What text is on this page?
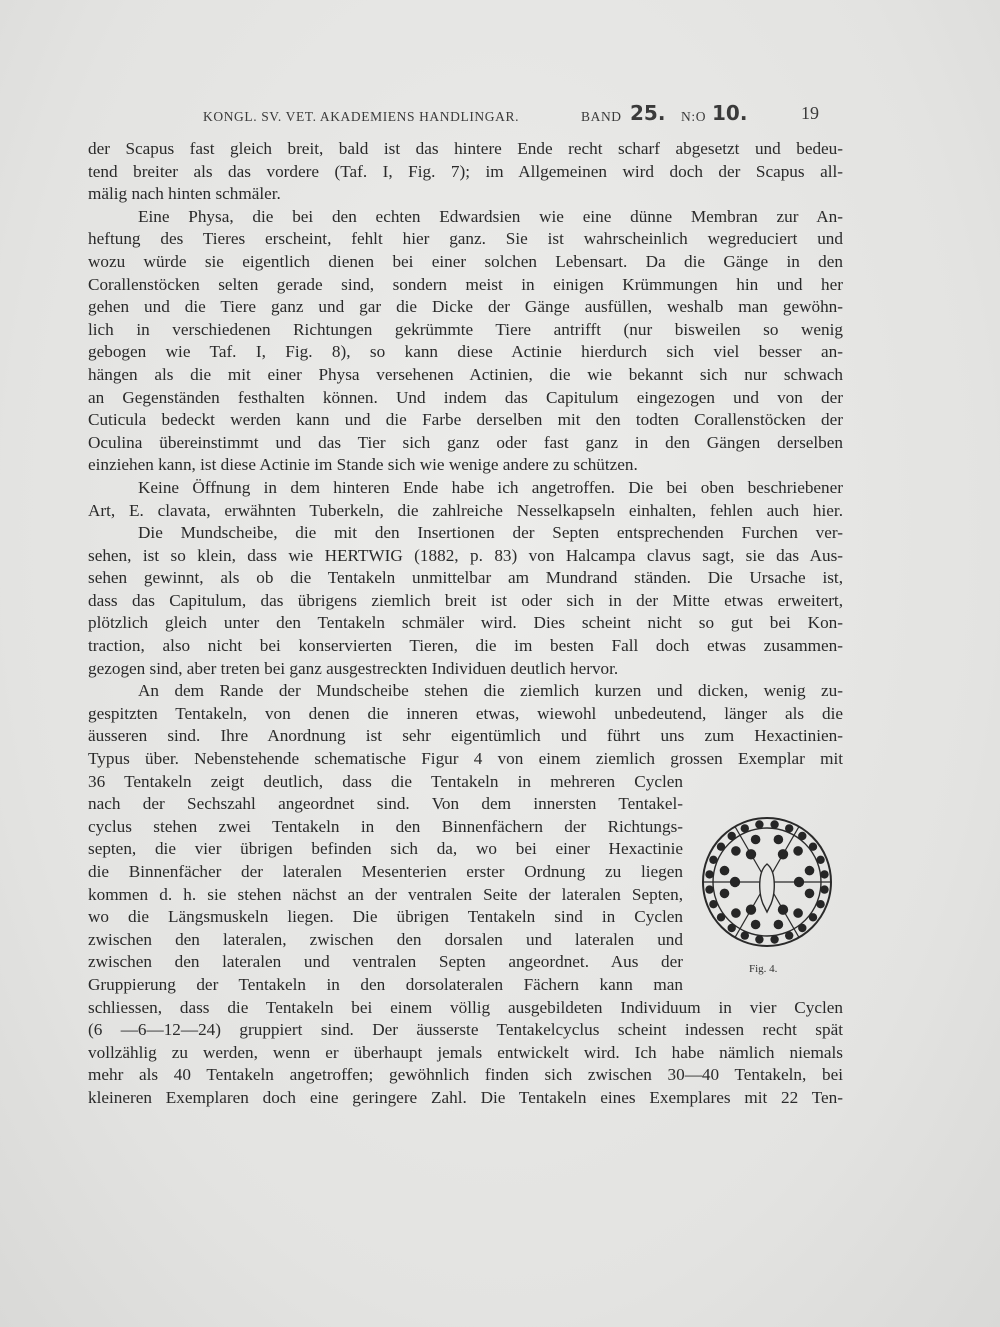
KONGL. SV. VET. AKADEMIENS HANDLINGAR.	BAND 25. N:O 10.	19
der Scapus fast gleich breit, bald ist das hintere Ende recht scharf abgesetzt und bedeu-
tend breiter als das vordere (Taf. I, Fig. 7); im Allgemeinen wird doch der Scapus all-
mälig nach hinten schmäler.
Eine Physa, die bei den echten Edwardsien wie eine dünne Membran zur An-
heftung des Tieres erscheint, fehlt hier ganz. Sie ist wahrscheinlich wegreduciert und
wozu würde sie eigentlich dienen bei einer solchen Lebensart. Da die Gänge in den
Corallenstöcken selten gerade sind, sondern meist in einigen Krümmungen hin und her
gehen und die Tiere ganz und gar die Dicke der Gänge ausfüllen, weshalb man gewöhn-
lich in verschiedenen Richtungen gekrümmte Tiere antrifft (nur bisweilen so wenig
gebogen wie Taf. I, Fig. 8), so kann diese Actinie hierdurch sich viel besser an-
hängen als die mit einer Physa versehenen Actinien, die wie bekannt sich nur schwach
an Gegenständen festhalten können. Und indem das Capitulum eingezogen und von der
Cuticula bedeckt werden kann und die Farbe derselben mit den todten Corallenstöcken der
Oculina übereinstimmt und das Tier sich ganz oder fast ganz in den Gängen derselben
einziehen kann, ist diese Actinie im Stande sich wie wenige andere zu schützen.
Keine Öffnung in dem hinteren Ende habe ich angetroffen. Die bei oben beschriebener
Art, E. clavata, erwähnten Tuberkeln, die zahlreiche Nesselkapseln einhalten, fehlen auch hier.
Die Mundscheibe, die mit den Insertionen der Septen entsprechenden Furchen ver-
sehen, ist so klein, dass wie HERTWIG (1882, p. 83) von Halcampa clavus sagt, sie das Aus-
sehen gewinnt, als ob die Tentakeln unmittelbar am Mundrand ständen. Die Ursache ist,
dass das Capitulum, das übrigens ziemlich breit ist oder sich in der Mitte etwas erweitert,
plötzlich gleich unter den Tentakeln schmäler wird. Dies scheint nicht so gut bei Kon-
traction, also nicht bei konservierten Tieren, die im besten Fall doch etwas zusammen-
gezogen sind, aber treten bei ganz ausgestreckten Individuen deutlich hervor.
An dem Rande der Mundscheibe stehen die ziemlich kurzen und dicken, wenig zu-
gespitzten Tentakeln, von denen die inneren etwas, wiewohl unbedeutend, länger als die
äusseren sind. Ihre Anordnung ist sehr eigentümlich und führt uns zum Hexactinien-
Typus über. Nebenstehende schematische Figur 4 von einem ziemlich grossen Exemplar mit
36 Tentakeln zeigt deutlich, dass die Tentakeln in mehreren Cyclen
nach der Sechszahl angeordnet sind. Von dem innersten Tentakel-
cyclus stehen zwei Tentakeln in den Binnenfächern der Richtungs-
septen, die vier übrigen befinden sich da, wo bei einer Hexactinie
die Binnenfächer der lateralen Mesenterien erster Ordnung zu liegen
kommen d. h. sie stehen nächst an der ventralen Seite der lateralen Septen,
wo die Längsmuskeln liegen. Die übrigen Tentakeln sind in Cyclen
zwischen den lateralen, zwischen den dorsalen und lateralen und
zwischen den lateralen und ventralen Septen angeordnet. Aus der
Gruppierung der Tentakeln in den dorsolateralen Fächern kann man
schliessen, dass die Tentakeln bei einem völlig ausgebildeten Individuum in vier Cyclen
(6 —6—12—24) gruppiert sind. Der äusserste Tentakelcyclus scheint indessen recht spät
vollzählig zu werden, wenn er überhaupt jemals entwickelt wird. Ich habe nämlich niemals
mehr als 40 Tentakeln angetroffen; gewöhnlich finden sich zwischen 30—40 Tentakeln, bei
kleineren Exemplaren doch eine geringere Zahl. Die Tentakeln eines Exemplares mit 22 Ten-
Fig. 4.
